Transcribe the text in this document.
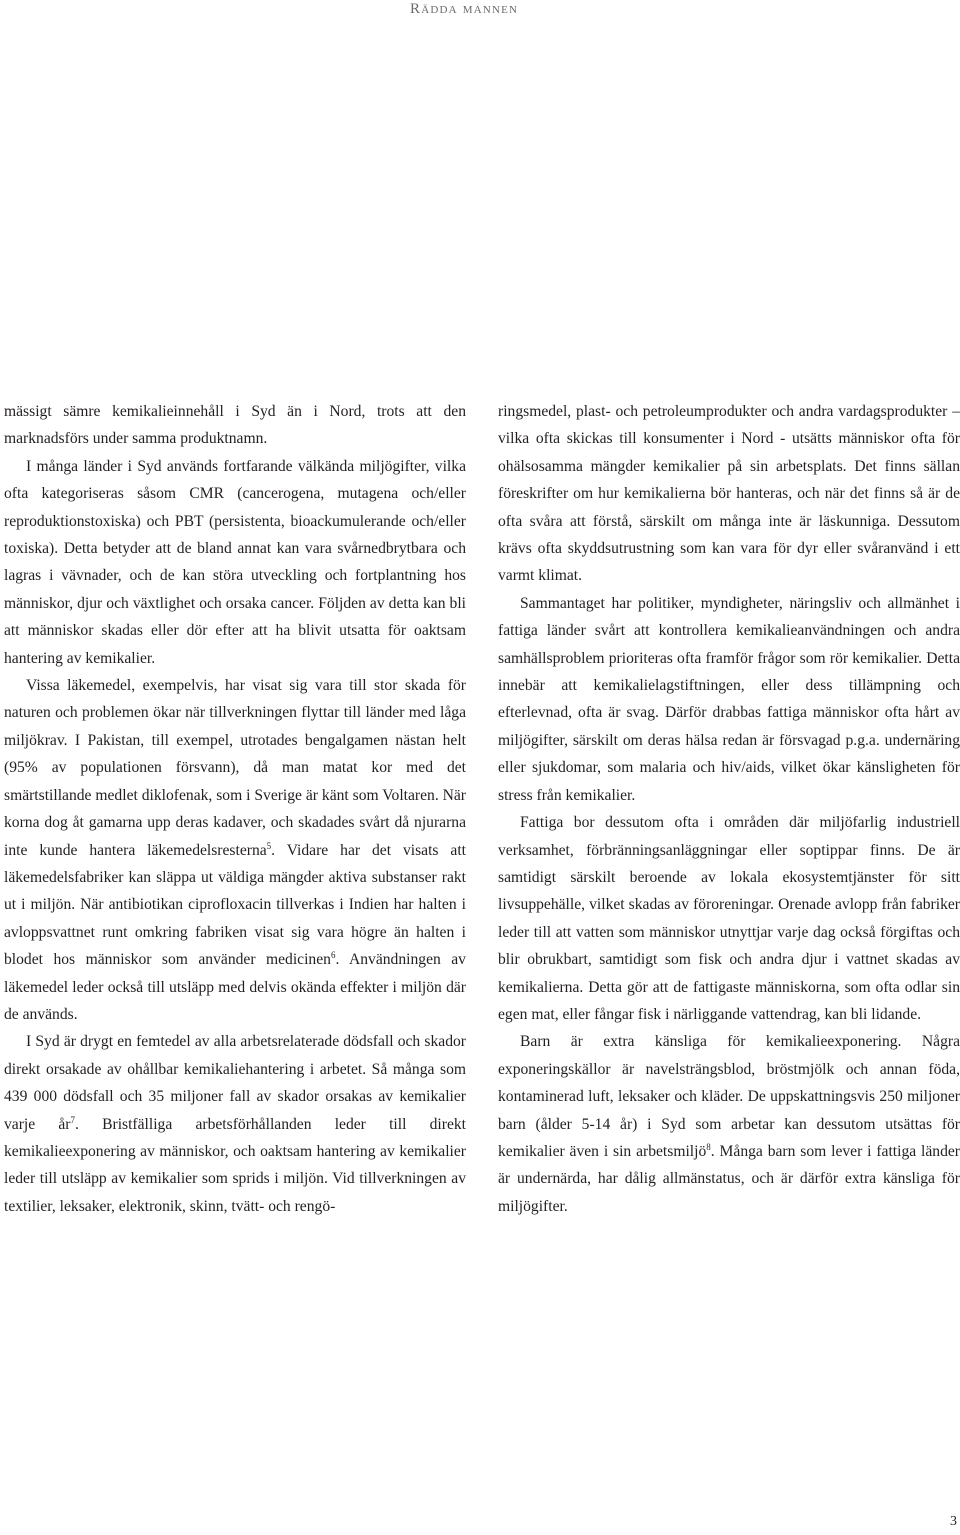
Rädda mannen

mässigt sämre kemikalieinnehåll i Syd än i Nord, trots att den marknadsförs under samma produktnamn.

I många länder i Syd används fortfarande välkända miljögifter, vilka ofta kategoriseras såsom CMR (cancerogena, mutagena och/eller reproduktionstoxiska) och PBT (persistenta, bioackumulerande och/eller toxiska). Detta betyder att de bland annat kan vara svårnedbrytbara och lagras i vävnader, och de kan störa utveckling och fortplantning hos människor, djur och växtlighet och orsaka cancer. Följden av detta kan bli att människor skadas eller dör efter att ha blivit utsatta för oaktsam hantering av kemikalier.

Vissa läkemedel, exempelvis, har visat sig vara till stor skada för naturen och problemen ökar när tillverkningen flyttar till länder med låga miljökrav. I Pakistan, till exempel, utrotades bengalgamen nästan helt (95% av populationen försvann), då man matat kor med det smärtstillande medlet diklofenak, som i Sverige är känt som Voltaren. När korna dog åt gamarna upp deras kadaver, och skadades svårt då njurarna inte kunde hantera läkemedelsresterna$^5$. Vidare har det visats att läkemedelsfabriker kan släppa ut väldiga mängder aktiva substanser rakt ut i miljön. När antibiotikan ciprofloxacin tillverkas i Indien har halten i avloppsvattnet runt omkring fabriken visat sig vara högre än halten i blodet hos människor som använder medicinen$^6$. Användningen av läkemedel leder också till utsläpp med delvis okända effekter i miljön där de används.

I Syd är drygt en femtedel av alla arbetsrelaterade dödsfall och skador direkt orsakade av ohållbar kemikaliehantering i arbetet. Så många som 439 000 dödsfall och 35 miljoner fall av skador orsakas av kemikalier varje $år^7$. Bristfälliga arbetsförhållanden leder till direkt kemikalieexponering av människor, och oaktsam hantering av kemikalier leder till utsläpp av kemikalier som sprids i miljön. Vid tillverkningen av textilier, leksaker, elektronik, skinn, tvätt- och rengö-

ringsmedel, plast- och petroleumprodukter och andra vardagsprodukter – vilka ofta skickas till konsumenter i Nord - utsätts människor ofta för ohälsosamma mängder kemikalier på sin arbetsplats. Det finns sällan föreskrifter om hur kemikalierna bör hanteras, och när det finns så är de ofta svåra att förstå, särskilt om många inte är läskunniga. Dessutom krävs ofta skyddsutrustning som kan vara för dyr eller svåranvänd i ett varmt klimat.

Sammantaget har politiker, myndigheter, näringsliv och allmänhet i fattiga länder svårt att kontrollera kemikalieanvändningen och andra samhällsproblem prioriteras ofta framför frågor som rör kemikalier. Detta innebär att kemikalielagstiftningen, eller dess tillämpning och efterlevnad, ofta är svag. Därför drabbas fattiga människor ofta hårt av miljögifter, särskilt om deras hälsa redan är försvagad p.g.a. undernäring eller sjukdomar, som malaria och hiv/aids, vilket ökar känsligheten för stress från kemikalier.

Fattiga bor dessutom ofta i områden där miljöfarlig industriell verksamhet, förbränningsanläggningar eller soptippar finns. De är samtidigt särskilt beroende av lokala ekosystemtjänster för sitt livsuppehälle, vilket skadas av föroreningar. Orenade avlopp från fabriker leder till att vatten som människor utnyttjar varje dag också förgiftas och blir obrukbart, samtidigt som fisk och andra djur i vattnet skadas av kemikalierna. Detta gör att de fattigaste människorna, som ofta odlar sin egen mat, eller fångar fisk i närliggande vattendrag, kan bli lidande.

Barn är extra känsliga för kemikalieexponering. Några exponeringskällor är navelsträngsblod, bröstmjölk och annan föda, kontaminerad luft, leksaker och kläder. De uppskattningsvis 250 miljoner barn (ålder 5-14 år) i Syd som arbetar kan dessutom utsättas för kemikalier även i sin arbetsmiljö$^8$. Många barn som lever i fattiga länder är undernärda, har dålig allmänstatus, och är därför extra känsliga för miljögifter.

3
